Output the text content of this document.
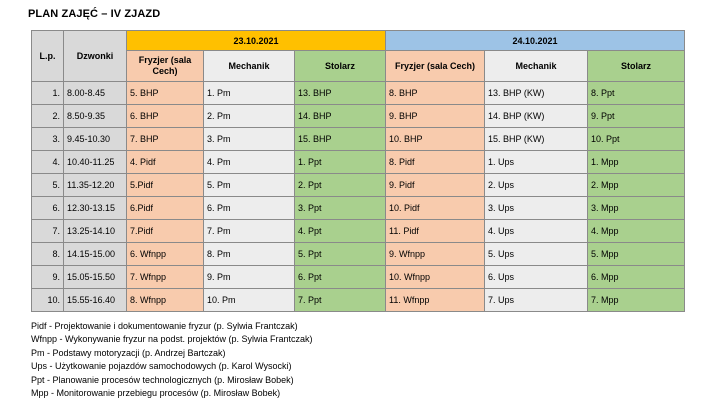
PLAN ZAJĘĆ – IV ZJAZD
L.p.	Dzwonki	23.10.2021			24.10.2021		
		Fryzjer (sala Cech)	Mechanik	Stolarz	Fryzjer (sala Cech)	Mechanik	Stolarz
1.	8.00-8.45	5. BHP	1. Pm	13. BHP	8. BHP	13. BHP (KW)	8. Ppt
2.	8.50-9.35	6. BHP	2. Pm	14. BHP	9. BHP	14. BHP (KW)	9. Ppt
3.	9.45-10.30	7. BHP	3. Pm	15. BHP	10. BHP	15. BHP (KW)	10. Ppt
4.	10.40-11.25	4. Pidf	4. Pm	1. Ppt	8. Pidf	1. Ups	1. Mpp
5.	11.35-12.20	5.Pidf	5. Pm	2. Ppt	9. Pidf	2. Ups	2. Mpp
6.	12.30-13.15	6.Pidf	6. Pm	3. Ppt	10. Pidf	3. Ups	3. Mpp
7.	13.25-14.10	7.Pidf	7. Pm	4. Ppt	11. Pidf	4. Ups	4. Mpp
8.	14.15-15.00	6. Wfnpp	8. Pm	5. Ppt	9. Wfnpp	5. Ups	5. Mpp
9.	15.05-15.50	7. Wfnpp	9. Pm	6. Ppt	10. Wfnpp	6. Ups	6. Mpp
10.	15.55-16.40	8. Wfnpp	10. Pm	7. Ppt	11. Wfnpp	7. Ups	7. Mpp
Pidf - Projektowanie i dokumentowanie fryzur (p. Sylwia Frantczak)
Wfnpp - Wykonywanie fryzur na podst. projektów (p. Sylwia Frantczak)
Pm - Podstawy motoryzacji (p. Andrzej Bartczak)
Ups - Użytkowanie pojazdów samochodowych (p. Karol Wysocki)
Ppt - Planowanie procesów technologicznych (p. Mirosław Bobek)
Mpp - Monitorowanie przebiegu procesów (p. Mirosław Bobek)
